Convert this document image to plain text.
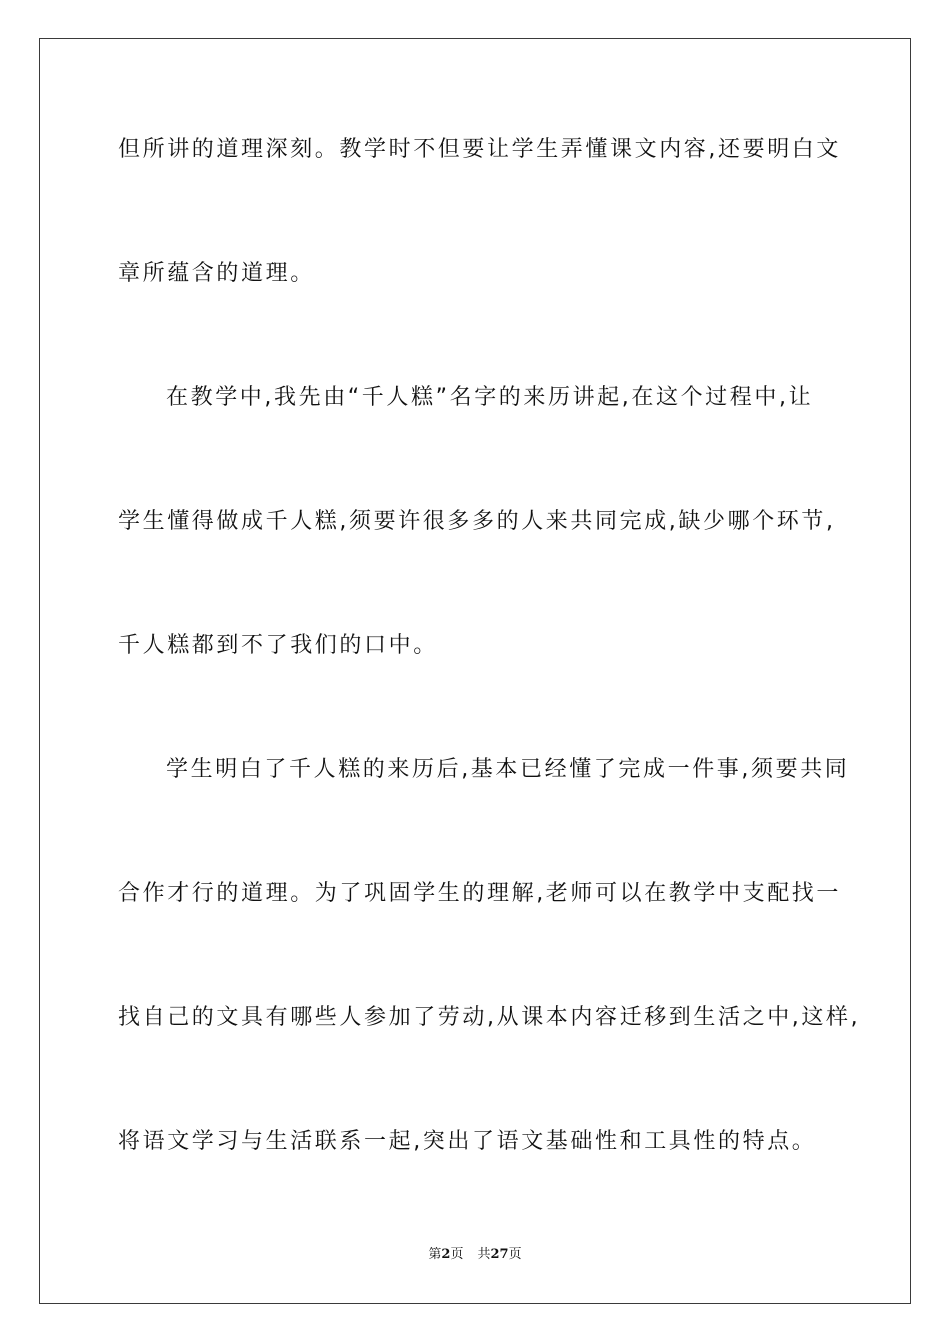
但所讲的道理深刻。教学时不但要让学生弄懂课文内容,还要明白文
章所蕴含的道理。
在教学中,我先由“千人糕”名字的来历讲起,在这个过程中,让
学生懂得做成千人糕,须要许很多多的人来共同完成,缺少哪个环节,
千人糕都到不了我们的口中。
学生明白了千人糕的来历后,基本已经懂了完成一件事,须要共同
合作才行的道理。为了巩固学生的理解,老师可以在教学中支配找一
找自己的文具有哪些人参加了劳动,从课本内容迁移到生活之中,这样,
将语文学习与生活联系一起,突出了语文基础性和工具性的特点。
第2页 共27页
